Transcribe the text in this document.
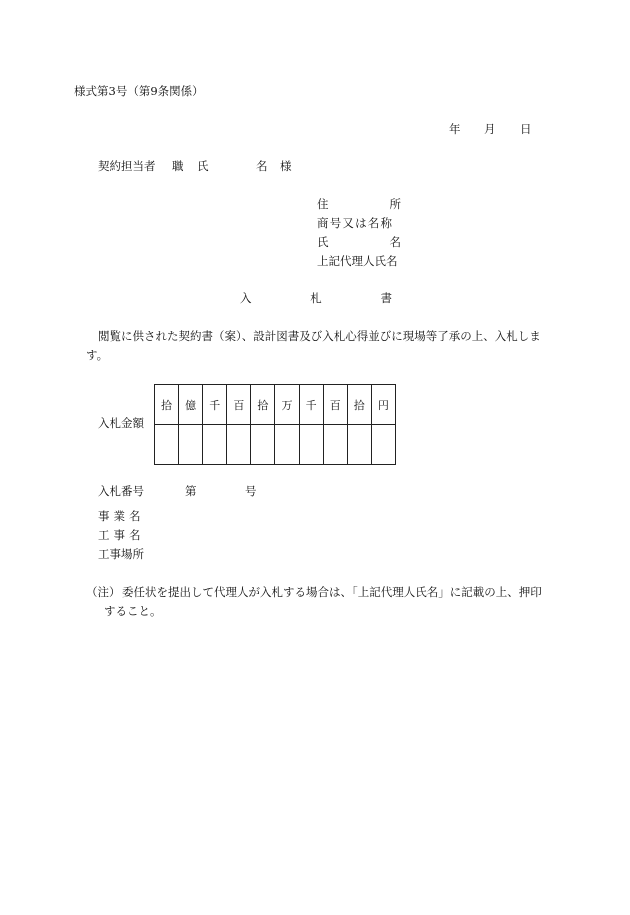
様式第3号（第9条関係）
年 月 日
契約担当者 職 氏	名 様
住	所
商号又は名称
氏	名
上記代理人氏名
入	札	書
閲覧に供された契約書（案）、設計図書及び入札心得並びに現場等了承の上、入札しま
す。
入札金額
拾	億	千	百	拾	万	千	百	拾	円

入札番号	第	号
事業名
工事名
工事場所
（注） 委任状を提出して代理人が入札する場合は、「上記代理人氏名」に記載の上、押印
すること。
